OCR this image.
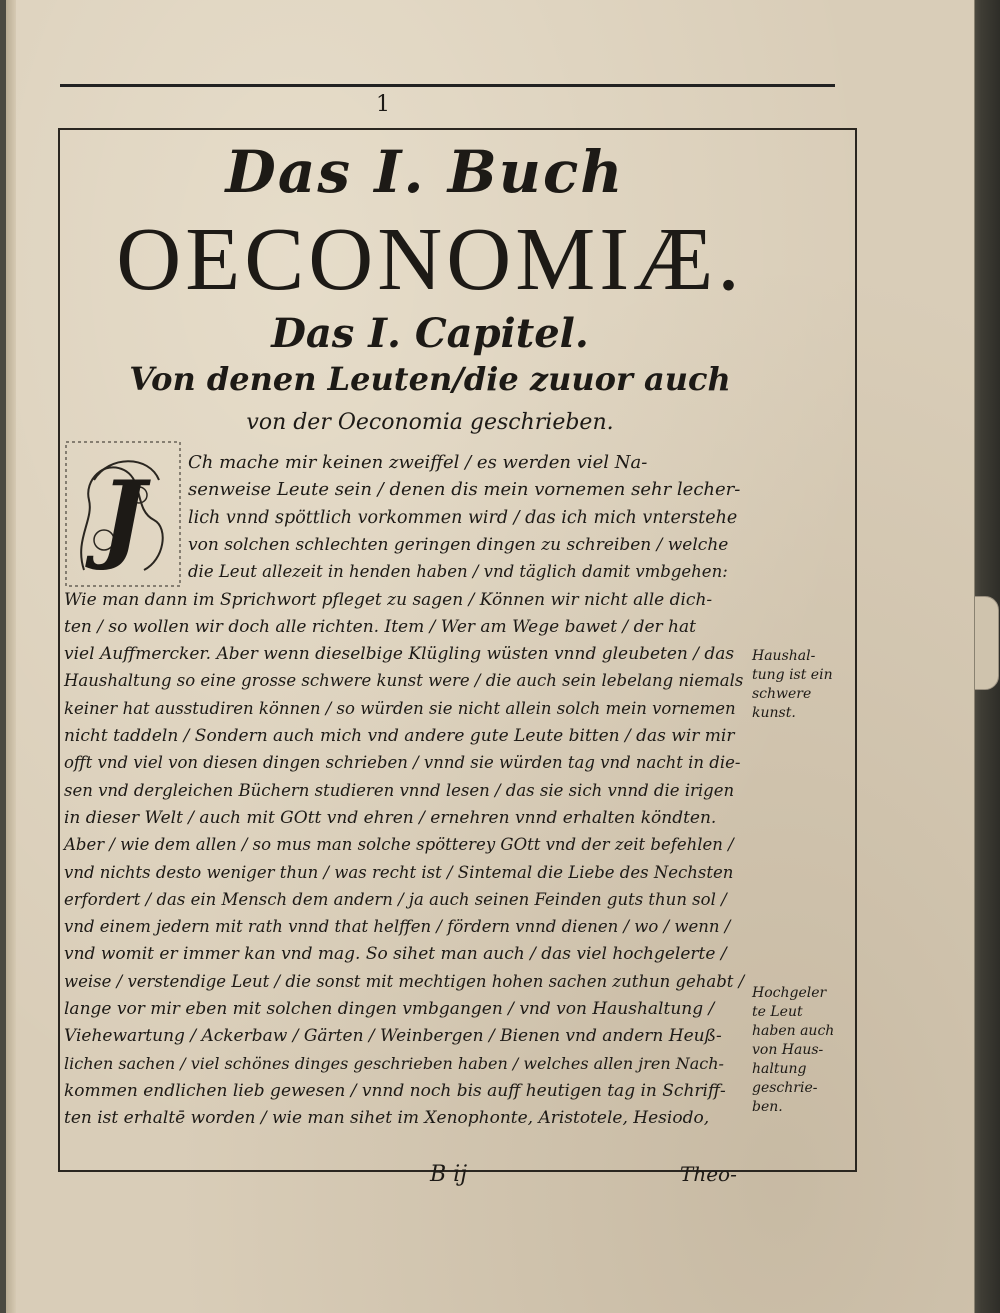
1
Das I. Buch
OECONOMIÆ.
Das I. Capitel.
Von denen Leuten/die zuuor auch
von der Oeconomia geschrieben.
J	Ch mache mir keinen zweiffel / es werden viel Na-
senweise Leute sein / denen dis mein vornemen sehr lecher-
lich vnnd spöttlich vorkommen wird / das ich mich vnterstehe
von solchen schlechten geringen dingen zu schreiben / welche
die Leut allezeit in henden haben / vnd täglich damit vmbgehen:
Wie man dann im Sprichwort pfleget zu sagen / Können wir nicht alle dich-
ten / so wollen wir doch alle richten. Item / Wer am Wege bawet / der hat
viel Auffmercker. Aber wenn dieselbige Klügling wüsten vnnd gleubeten / das
Haushaltung so eine grosse schwere kunst were / die auch sein lebelang niemals
keiner hat ausstudiren können / so würden sie nicht allein solch mein vornemen
nicht taddeln / Sondern auch mich vnd andere gute Leute bitten / das wir mir
offt vnd viel von diesen dingen schrieben / vnnd sie würden tag vnd nacht in die-
sen vnd dergleichen Büchern studieren vnnd lesen / das sie sich vnnd die irigen
in dieser Welt / auch mit GOtt vnd ehren / ernehren vnnd erhalten köndten.
Aber / wie dem allen / so mus man solche spötterey GOtt vnd der zeit befehlen /
vnd nichts desto weniger thun / was recht ist / Sintemal die Liebe des Nechsten
erfordert / das ein Mensch dem andern / ja auch seinen Feinden guts thun sol /
vnd einem jedern mit rath vnnd that helffen / fördern vnnd dienen / wo / wenn /
vnd womit er immer kan vnd mag. So sihet man auch / das viel hochgelerte /
weise / verstendige Leut / die sonst mit mechtigen hohen sachen zuthun gehabt /
lange vor mir eben mit solchen dingen vmbgangen / vnd von Haushaltung /
Viehewartung / Ackerbaw / Gärten / Weinbergen / Bienen vnd andern Heuß-
lichen sachen / viel schönes dinges geschrieben haben / welches allen jren Nach-
kommen endlichen lieb gewesen / vnnd noch bis auff heutigen tag in Schriff-
ten ist erhaltē worden / wie man sihet im Xenophonte, Aristotele, Hesiodo,
Haushal-
tung ist ein
schwere
kunst.
Hochgeler
te Leut
haben auch
von Haus-
haltung
geschrie-
ben.
B ij	Theo-
